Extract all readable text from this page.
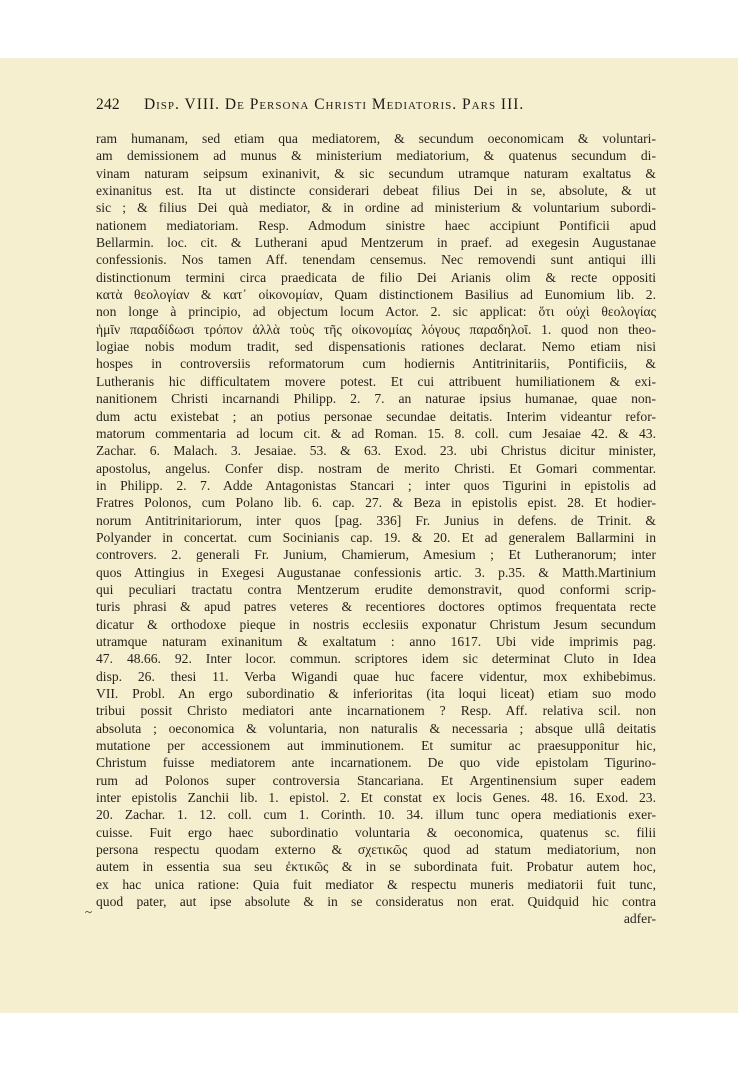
242 Disp. VIII. De Persona Christi Mediatoris. Pars III.
~
ram humanam, sed etiam qua mediatorem, & secundum oeconomicam & voluntari-
am demissionem ad munus & ministerium mediatorium, & quatenus secundum di-
vinam naturam seipsum exinanivit, & sic secundum utramque naturam exaltatus &
exinanitus est. Ita ut distincte considerari debeat filius Dei in se, absolute, & ut
sic ; & filius Dei quà mediator, & in ordine ad ministerium & voluntarium subordi-
nationem mediatoriam. Resp. Admodum sinistre haec accipiunt Pontificii apud
Bellarmin. loc. cit. & Lutherani apud Mentzerum in praef. ad exegesin Augustanae
confessionis. Nos tamen Aff. tenendam censemus. Nec removendi sunt antiqui illi
distinctionum termini circa praedicata de filio Dei Arianis olim & recte oppositi
κατὰ θεολογίαν & κατ᾽ οἰκονομίαν, Quam distinctionem Basilius ad Eunomium lib. 2.
non longe à principio, ad objectum locum Actor. 2. sic applicat: ὅτι οὐχὶ θεολογίας
ἡμῖν παραδίδωσι τρόπον ἀλλὰ τοὺς τῆς οἰκονομίας λόγους παραδηλοῖ. 1. quod non theo-
logiae nobis modum tradit, sed dispensationis rationes declarat. Nemo etiam nisi
hospes in controversiis reformatorum cum hodiernis Antitrinitariis, Pontificiis, &
Lutheranis hic difficultatem movere potest. Et cui attribuent humiliationem & exi-
nanitionem Christi incarnandi Philipp. 2. 7. an naturae ipsius humanae, quae non-
dum actu existebat ; an potius personae secundae deitatis. Interim videantur refor-
matorum commentaria ad locum cit. & ad Roman. 15. 8. coll. cum Jesaiae 42. & 43.
Zachar. 6. Malach. 3. Jesaiae. 53. & 63. Exod. 23. ubi Christus dicitur minister,
apostolus, angelus. Confer disp. nostram de merito Christi. Et Gomari commentar.
in Philipp. 2. 7. Adde Antagonistas Stancari ; inter quos Tigurini in epistolis ad
Fratres Polonos, cum Polano lib. 6. cap. 27. & Beza in epistolis epist. 28. Et hodier-
norum Antitrinitariorum, inter quos [pag. 336] Fr. Junius in defens. de Trinit. &
Polyander in concertat. cum Socinianis cap. 19. & 20. Et ad generalem Ballarmini in
controvers. 2. generali Fr. Junium, Chamierum, Amesium ; Et Lutheranorum; inter
quos Attingius in Exegesi Augustanae confessionis artic. 3. p.35. & Matth.Martinium
qui peculiari tractatu contra Mentzerum erudite demonstravit, quod conformi scrip-
turis phrasi & apud patres veteres & recentiores doctores optimos frequentata recte
dicatur & orthodoxe pieque in nostris ecclesiis exponatur Christum Jesum secundum
utramque naturam exinanitum & exaltatum : anno 1617. Ubi vide imprimis pag.
47. 48.66. 92. Inter locor. commun. scriptores idem sic determinat Cluto in Idea
disp. 26. thesi 11. Verba Wigandi quae huc facere videntur, mox exhibebimus.
VII. Probl. An ergo subordinatio & inferioritas (ita loqui liceat) etiam suo modo
tribui possit Christo mediatori ante incarnationem ? Resp. Aff. relativa scil. non
absoluta ; oeconomica & voluntaria, non naturalis & necessaria ; absque ullâ deitatis
mutatione per accessionem aut imminutionem. Et sumitur ac praesupponitur hic,
Christum fuisse mediatorem ante incarnationem. De quo vide epistolam Tigurino-
rum ad Polonos super controversia Stancariana. Et Argentinensium super eadem
inter epistolis Zanchii lib. 1. epistol. 2. Et constat ex locis Genes. 48. 16. Exod. 23.
20. Zachar. 1. 12. coll. cum 1. Corinth. 10. 34. illum tunc opera mediationis exer-
cuisse. Fuit ergo haec subordinatio voluntaria & oeconomica, quatenus sc. filii
persona respectu quodam externo & σχετικῶς quod ad statum mediatorium, non
autem in essentia sua seu ἐκτικῶς & in se subordinata fuit. Probatur autem hoc,
ex hac unica ratione: Quia fuit mediator & respectu muneris mediatorii fuit tunc,
quod pater, aut ipse absolute & in se consideratus non erat. Quidquid hic contra
adfer-
